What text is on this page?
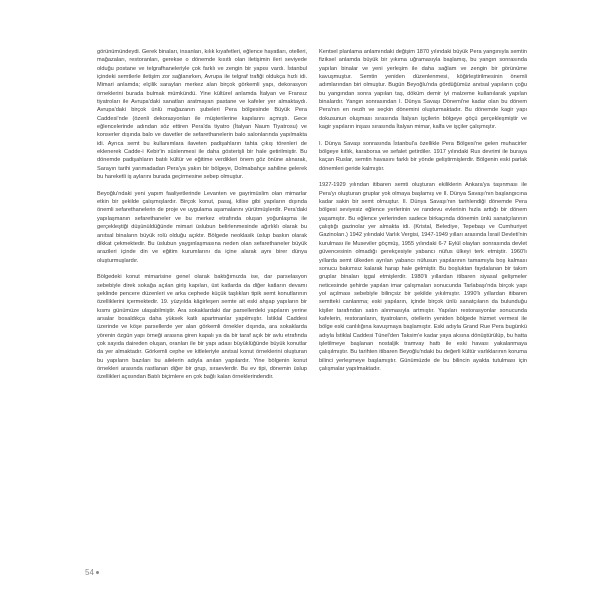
görünümündeydi. Gerek binaları, insanları, kılık kıyafetleri, eğlence hayatları, otelleri, mağazaları, restoranları, gerekse o dönemde kısıtlı olan iletişimin ileri seviyede olduğu postane ve telgrafhaneleriyle çok farklı ve zengin bir yapısı vardı. İstanbul içindeki semtlerle iletişim zor sağlanırken, Avrupa ile telgraf trafiği oldukça hızlı idi. Mimari anlamda; elçilik sarayları merkez alan birçok görkemli yapı, dekorasyon örneklerini burada bulmak mümkündü. Yine kültürel anlamda İtalyan ve Fransız tiyatroları ile Avrupa'daki sanatları aratmayan pastane ve kafeler yer almaktaydı. Avrupa'daki birçok ünlü mağazanın şubeleri Pera bölgesinde Büyük Pera Caddesi'nde (özenli dekorasyonları ile müşterilerine kapılarını açmıştı. Gece eğlencelerinde adından söz ettiren Pera'da tiyatro (İtalyan Naum Tiyatrosu) ve konserler dışında balo ve davetler de sefarethanelerin balo salonlarında yapılmakta idi. Ayrıca semt bu kullanımlara ilaveten padişahların tahta çıkış törenleri de eklenerek Cadde-i Kebir'in süslenmesi ile daha gösterişli bir hale getirilmiştir. Bu dönemde padişahların batılı kültür ve eğitime verdikleri önem göz önüne alınarak, Sarayın tarihi yarımadadan Pera'ya yakın bir bölgeye, Dolmabahçe sahiline gelerek bu hareketli iş aylarını burada geçirmesine sebep olmuştur.

Beyoğlu'ndaki yeni yapım faaliyetlerinde Levanten ve gayrimüslim olan mimarlar etkin bir şekilde çalışmışlardır. Birçok konut, pasaj, kilise gibi yapıların dışında önemli sefarethanelerin de proje ve uygulama aşamalarını yürütmüşlerdir. Pera'daki yapılaşmanın sefarethaneler ve bu merkez etrafında oluşan yoğunlaşma ile gerçekleştiği düşünüldüğünde mimari üslubun belirlenmesinde ağırlıklı olarak bu anıtsal binaların büyük rolü olduğu açıktır. Bölgede neoklasik üslup baskın olarak dikkat çekmektedir. Bu üslubun yaygınlaşmasına neden olan sefarethaneler büyük arazileri içinde din ve eğitim kurumlarını da içine alarak aynı birer dünya oluşturmuşlardır.

Bölgedeki konut mimarisine genel olarak baktığımızda ise, dar parselasyon sebebiyle direk sokağa açılan giriş kapıları, üst katlarda da diğer katların devamı şeklinde pencere düzenleri ve arka cephede küçük taşlıkları tipik semt konutlarının özelliklerini içermektedir. 19. yüzyılda kâgirleşen semte ait eski ahşap yapıların bir kısmı günümüze ulaşabilmiştir. Ara sokaklardaki dar parsellerdeki yapıların yerine arsalar bosaldıkça daha yüksek katlı apartmanlar yapılmıştır. İstiklal Caddesi üzerinde ve köşe parsellerde yer alan görkemli örnekler dışında, ara sokaklarda yörenin özgün yapı örneği arasına giren kapalı ya da bir taraf açık bir avlu etrafında çok sayıda daireden oluşan, oranları ile bir yapı adası büyüklüğünde büyük konutlar da yer almaktadır. Görkemli cephe ve kitleleriyle anıtsal konut örneklerini oluşturan bu yapıların bazıları bu ailelerin adıyla anılan yapılardır. Yine bölgenin konut örnekleri arasında rastlanan diğer bir grup, sıraevlerdir. Bu ev tipi, dönemin üslup özellikleri açısından Batılı biçimlere en çok bağlı kalan örneklerindendir.

Kentsel planlama anlamındaki değişim 1870 yılındaki büyük Pera yangınıyla semtin fiziksel anlamda büyük bir yıkıma uğramasıyla başlamış, bu yangın sonrasında yapılan binalar ve yeni yerleşim ile daha sağlam ve zengin bir görünüme kavuşmuştur. Semtin yeniden düzenlenmesi, köğirleştirilmesinin önemli adımlarından biri olmuştur. Bugün Beyoğlu'nda gördüğümüz anıtsal yapıların çoğu bu yangından sonra yapılan taş, döküm demir iyi malzeme kullanılarak yapılan binalardır. Yangın sonrasından I. Dünya Savaşı Dönemi'ne kadar olan bu dönem Pera'nın en nezih ve seçkin dönemini oluşturmaktadır. Bu dönemde kagir yapı dokusunun oluşması sırasında İtalyan işçilerin bölgeye göçü gerçekleşmiştir ve kagir yapıların inşası sırasında İtalyan mimar, kalfa ve işçiler çalışmıştır.

I. Dünya Savaşı sonrasında İstanbul'a özellikle Pera Bölgesi'ne gelen muhacirler bölgeye kıtlık, karaborsa ve sefalet getirdiler. 1917 yılındaki Rus devrimi ile buraya kaçan Ruslar, semtin havasını farklı bir yönde geliştirmişlerdir. Bölgenin eski parlak dönemleri geride kalmıştır.

1927-1929 yılından itibaren semti oluşturan ekiliklerin Ankara'ya taşınması ile Pera'yı oluşturan gruplar yok olmaya başlamış ve II. Dünya Savaşı'nın başlangıcına kadar sakin bir semt olmuştur. II. Dünya Savaşı'nın tarihlendiği dönemde Pera bölgesi seviyesiz eğlence yerlerinin ve randevu evlerinin hızla arttığı bir dönem yaşamıştır. Bu eğlence yerlerinden sadece birkaçında dönemin ünlü sanatçılarının çalıştığı gazinolar yer almakta idi. (Kristal, Belediye, Tepebaşı ve Cumhuriyet Gazinoları.) 1942 yılındaki Varlık Vergisi, 1947-1949 yılları arasında İsrail Devleti'nin kurulması ile Museviler göçmüş, 1955 yılındaki 6-7 Eylül olayları sonrasında devlet güvencesinin olmadığı gerekçesiyle yabancı nüfus ülkeyi terk etmiştir. 1960'lı yıllarda semt ülkeden ayrılan yabancı nüfusun yapılarının tamamıyla boş kalması sonucu bakımsız kalarak harap hale gelmiştir. Bu boşluktan faydalanan bir takım gruplar binaları işgal etmişlerdir. 1980'li yıllardan itibaren siyasal gelişmeler neticesinde şehirde yapılan imar çalışmaları sonucunda Tarlabaşı'nda birçok yapı yol açılması sebebiyle bilinçsiz bir şekilde yıkılmıştır. 1990'lı yıllardan itibaren semtteki canlanma; eski yapıların, içinde birçok ünlü sanatçıların da bulunduğu kişiler tarafından satın alınmasıyla artmıştır. Yapıları restorasyonlar sonucunda kafelerin, restoranların, tiyatroların, otellerin yeniden bölgede hizmet vermesi ile bölge eski canlılığına kavuşmaya başlamıştır. Eski adıyla Grand Rue Pera bugünkü adıyla İstiklal Caddesi Tünel'den Taksim'e kadar yaya aksına dönüştürülüp, bu hatta işletilmeye başlanan nostaljik tramvay hattı ile eski havası yakalanmaya çalışılmıştır. Bu tarihten itibaren Beyoğlu'ndaki bu değerli kültür varlıklarının koruma bilinci yerleşmeye başlamıştır. Günümüzde de bu bilincin ayakta tutulması için çalışmalar yapılmaktadır.

54
